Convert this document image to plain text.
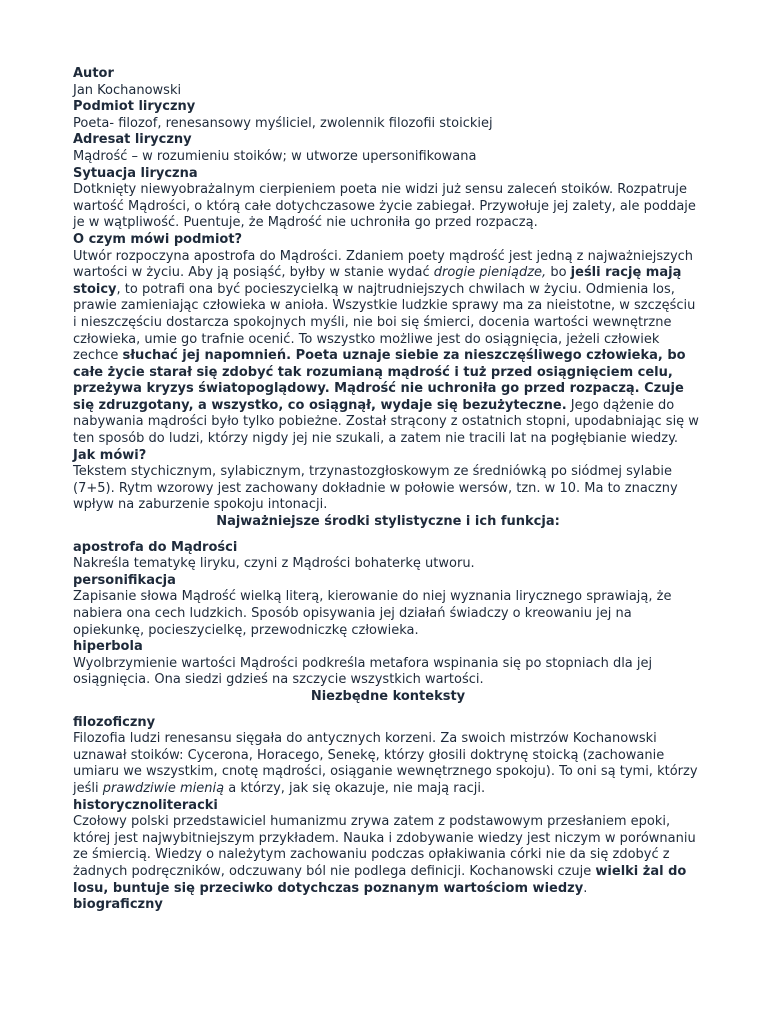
Autor

Jan Kochanowski

Podmiot liryczny

Poeta- filozof, renesansowy myśliciel, zwolennik filozofii stoickiej

Adresat liryczny

Mądrość – w rozumieniu stoików; w utworze upersonifikowana

Sytuacja liryczna

Dotknięty niewyobrażalnym cierpieniem poeta nie widzi już sensu zaleceń stoików. Rozpatruje wartość Mądrości, o którą całe dotychczasowe życie zabiegał. Przywołuje jej zalety, ale poddaje je w wątpliwość. Puentuje, że Mądrość nie uchroniła go przed rozpaczą.

O czym mówi podmiot?

Utwór rozpoczyna apostrofa do Mądrości. Zdaniem poety mądrość jest jedną z najważniejszych wartości w życiu. Aby ją posiąść, byłby w stanie wydać drogie pieniądze, bo jeśli rację mają stoicy, to potrafi ona być pocieszycielką w najtrudniejszych chwilach w życiu. Odmienia los, prawie zamieniając człowieka w anioła. Wszystkie ludzkie sprawy ma za nieistotne, w szczęściu i nieszczęściu dostarcza spokojnych myśli, nie boi się śmierci, docenia wartości wewnętrzne człowieka, umie go trafnie ocenić. To wszystko możliwe jest do osiągnięcia, jeżeli człowiek zechce słuchać jej napomnień. Poeta uznaje siebie za nieszczęśliwego człowieka, bo całe życie starał się zdobyć tak rozumianą mądrość i tuż przed osiągnięciem celu, przeżywa kryzys światopoglądowy. Mądrość nie uchroniła go przed rozpaczą. Czuje się zdruzgotany, a wszystko, co osiągnął, wydaje się bezużyteczne. Jego dążenie do nabywania mądrości było tylko pobieżne. Został strącony z ostatnich stopni, upodabniając się w ten sposób do ludzi, którzy nigdy jej nie szukali, a zatem nie tracili lat na pogłębianie wiedzy.

Jak mówi?

Tekstem stychicznym, sylabicznym, trzynastozgłoskowym ze średniówką po siódmej sylabie (7+5). Rytm wzorowy jest zachowany dokładnie w połowie wersów, tzn. w 10. Ma to znaczny wpływ na zaburzenie spokoju intonacji.

Najważniejsze środki stylistyczne i ich funkcja:

apostrofa do Mądrości

Nakreśla tematykę liryku, czyni z Mądrości bohaterkę utworu.

personifikacja

Zapisanie słowa Mądrość wielką literą, kierowanie do niej wyznania lirycznego sprawiają, że nabiera ona cech ludzkich. Sposób opisywania jej działań świadczy o kreowaniu jej na opiekunkę, pocieszycielkę, przewodniczkę człowieka.

hiperbola

Wyolbrzymienie wartości Mądrości podkreśla metafora wspinania się po stopniach dla jej osiągnięcia. Ona siedzi gdzieś na szczycie wszystkich wartości.

Niezbędne konteksty

filozoficzny

Filozofia ludzi renesansu sięgała do antycznych korzeni. Za swoich mistrzów Kochanowski uznawał stoików: Cycerona, Horacego, Senekę, którzy głosili doktrynę stoicką (zachowanie umiaru we wszystkim, cnotę mądrości, osiąganie wewnętrznego spokoju). To oni są tymi, którzy jeśli prawdziwie mienią a którzy, jak się okazuje, nie mają racji.

historycznoliteracki

Czołowy polski przedstawiciel humanizmu zrywa zatem z podstawowym przesłaniem epoki, której jest najwybitniejszym przykładem. Nauka i zdobywanie wiedzy jest niczym w porównaniu ze śmiercią. Wiedzy o należytym zachowaniu podczas opłakiwania córki nie da się zdobyć z żadnych podręczników, odczuwany ból nie podlega definicji. Kochanowski czuje wielki żal do losu, buntuje się przeciwko dotychczas poznanym wartościom wiedzy.

biograficzny
